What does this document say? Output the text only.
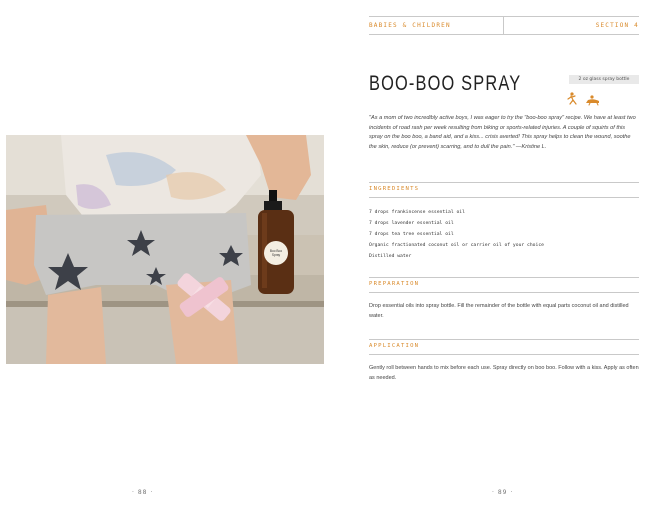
Boo Boo
Spray
· 88 ·
BABIES & CHILDREN	SECTION 4
BOO-BOO SPRAY	2 oz glass spray bottle
"As a mom of two incredibly active boys, I was eager to try the "boo-boo spray" recipe. We have at least two incidents of road rash per week resulting from biking or sports-related injuries. A couple of squirts of this spray on the boo boo, a band aid, and a kiss... crisis averted! This spray helps to clean the wound, soothe the skin, reduce (or prevent) scarring, and to dull the pain." —Kristine L.
INGREDIENTS
7 drops frankincense essential oil
7 drops lavender essential oil
7 drops tea tree essential oil
Organic fractionated coconut oil or carrier oil of your choice
Distilled water
PREPARATION
Drop essential oils into spray bottle. Fill the remainder of the bottle with equal parts coconut oil and distilled water.
APPLICATION
Gently roll between hands to mix before each use. Spray directly on boo boo. Follow with a kiss. Apply as often as needed.
· 89 ·
